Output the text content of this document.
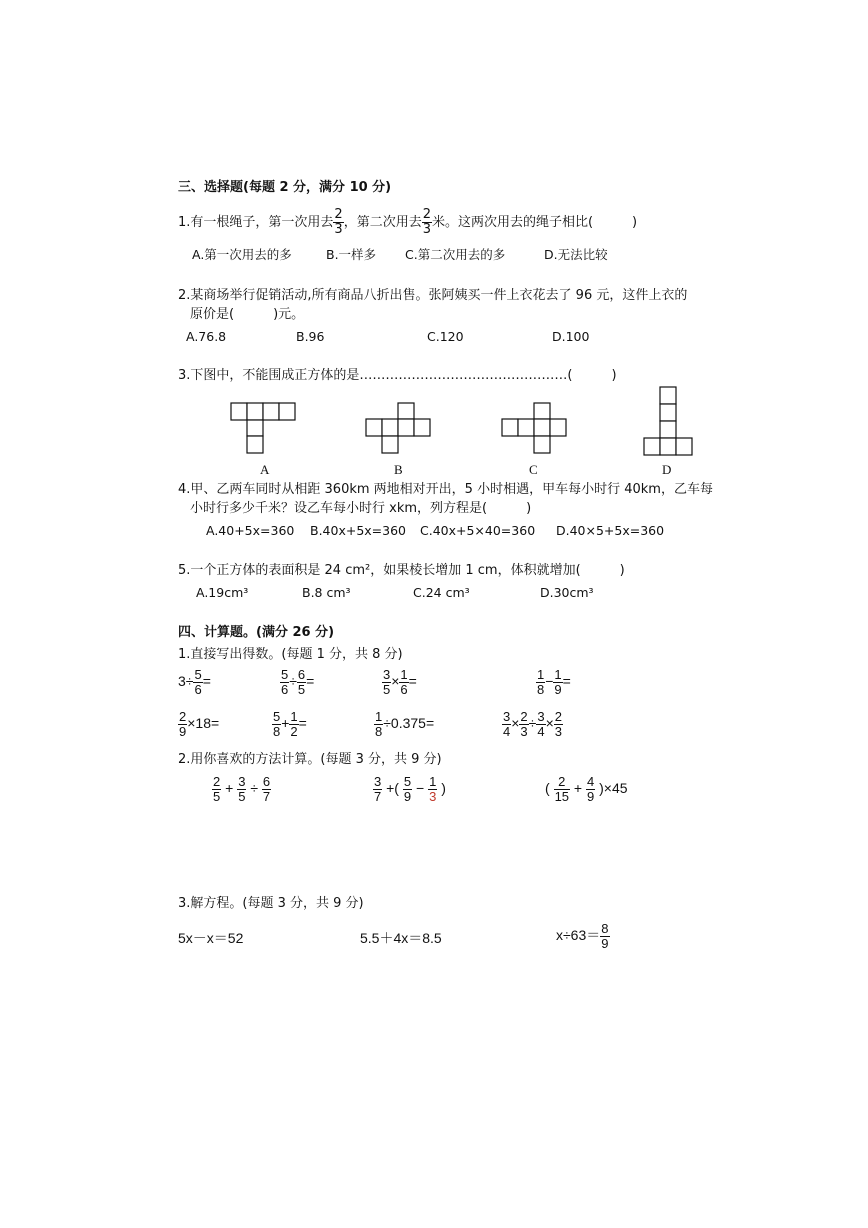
三、选择题(每题 2 分，满分 10 分)
1.有一根绳子，第一次用去 $\frac{2}{3}$ ，第二次用去 $\frac{2}{3}$ 米。这两次用去的绳子相比(　　　)
A.第一次用去的多	B.一样多 C.第二次用去的多	D.无法比较
2.某商场举行促销活动,所有商品八折出售。张阿姨买一件上衣花去了 96 元，这件上衣的
原价是(　　　)元。
A.76.8	B.96	C.120	D.100
3.下图中，不能围成正方体的是…………………………………………(　　　)
A	B	C	D
4.甲、乙两车同时从相距 360km 两地相对开出，5 小时相遇，甲车每小时行 40km，乙车每
小时行多少千米？设乙车每小时行 xkm，列方程是(　　　)
A.40+5x=360 B.40x+5x=360 C.40x+5×40=360 D.40×5+5x=360
5.一个正方体的表面积是 24 cm²，如果棱长增加 1 cm，体积就增加(　　　)
A.19cm³	B.8 cm³	C.24 cm³	D.30cm³
四、计算题。(满分 26 分)
1.直接写出得数。(每题 1 分，共 8 分)
$3\div \frac{5}{6}$ =	$\frac{5}{6} \div \frac{6}{5}$ =	$\frac{3}{5} \times \frac{1}{6}$ =	$\frac{1}{8} - \frac{1}{9}$ =
$\frac{2}{9} \times 18=$	$\frac{5}{8} + \frac{1}{2}$ =	$\frac{1}{8} \div 0.375=$	$\frac{3}{4} \times \frac{2}{3} \div \frac{3}{4} \times \frac{2}{3}$
2.用你喜欢的方法计算。(每题 3 分，共 9 分)
$\frac{2}{5} + \frac{3}{5} \div \frac{6}{7}$	$\frac{3}{7}$ +( $\frac{5}{9} - \frac{1}{3}$ )	( $\frac{2}{15} + \frac{4}{9} )\times 45$
3.解方程。(每题 3 分，共 9 分)
5x－x＝52	5.5＋4x＝8.5	$x\div 63= \frac{8}{9}$
